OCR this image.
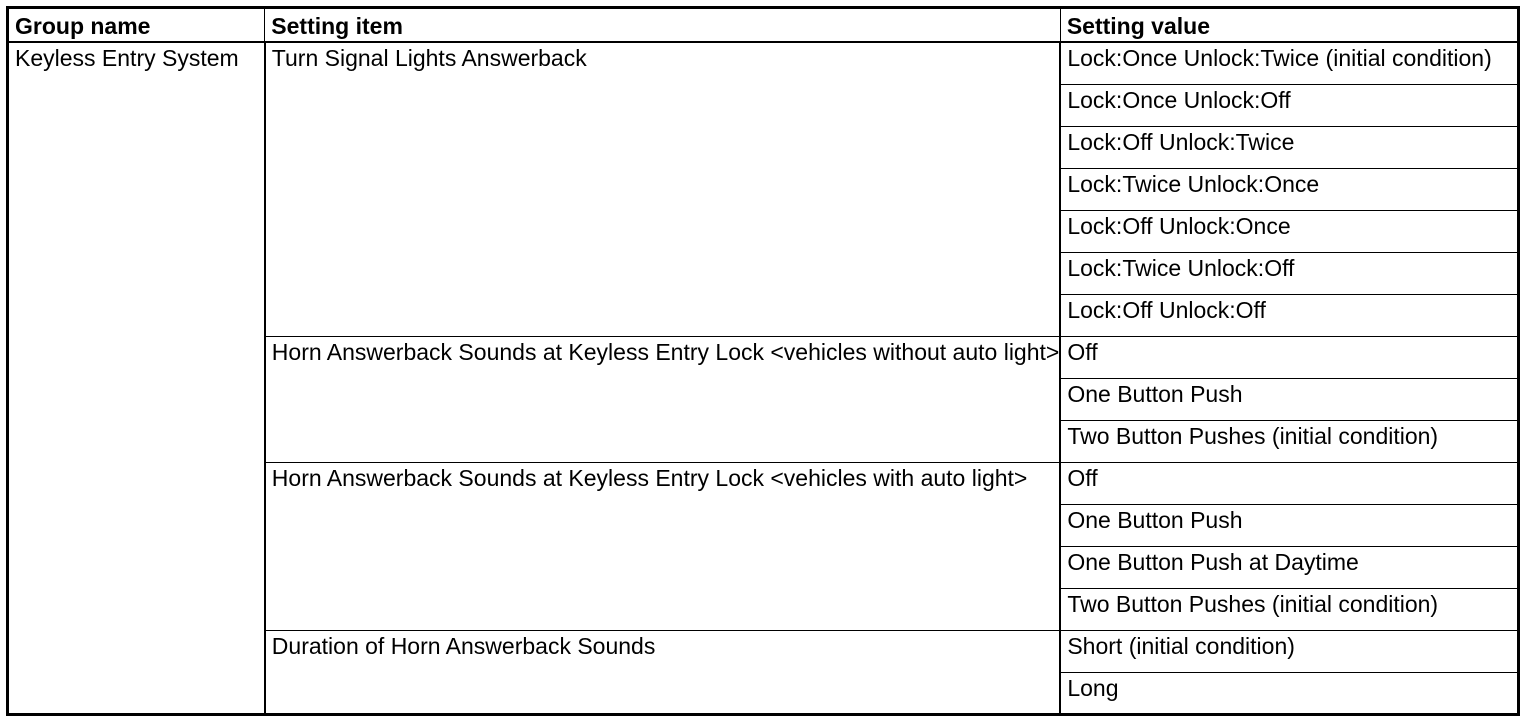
Group name	Setting item	Setting value
Keyless Entry System	Turn Signal Lights Answerback	Lock:Once Unlock:Twice (initial condition)
		Lock:Once Unlock:Off
		Lock:Off Unlock:Twice
		Lock:Twice Unlock:Once
		Lock:Off Unlock:Once
		Lock:Twice Unlock:Off
		Lock:Off Unlock:Off
	Horn Answerback Sounds at Keyless Entry Lock <vehicles without auto light>	Off
		One Button Push
		Two Button Pushes (initial condition)
	Horn Answerback Sounds at Keyless Entry Lock <vehicles with auto light>	Off
		One Button Push
		One Button Push at Daytime
		Two Button Pushes (initial condition)
	Duration of Horn Answerback Sounds	Short (initial condition)
		Long
